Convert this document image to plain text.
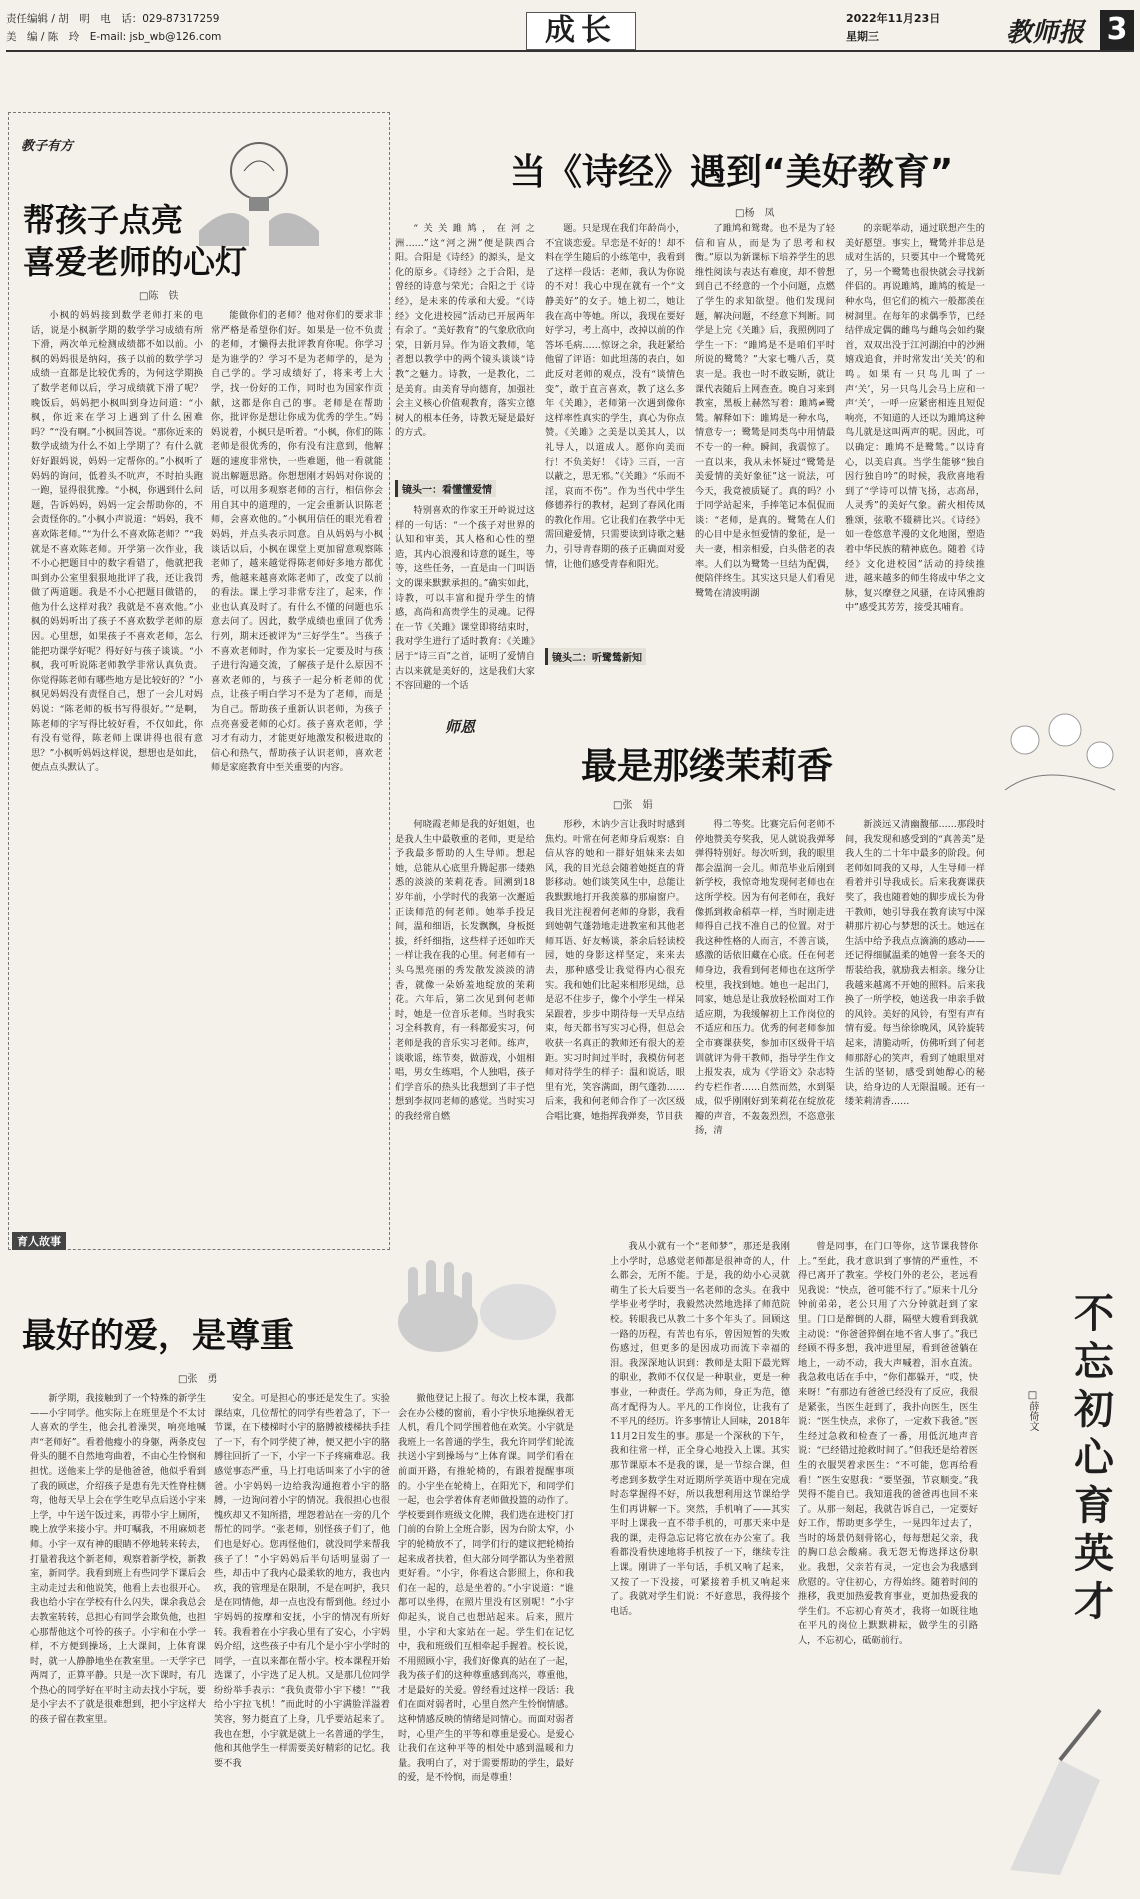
责任编辑 / 胡　明　电　话：029-87317259
美　编 / 陈　玲　E-mail: jsb_wb@126.com	成长	2022年11月23日
星期三	教师报 3
教子有方
帮孩子点亮
喜爱老师的心灯
□陈　铁

小枫的妈妈接到数学老师打来的电话，说是小枫新学期的数学学习成绩有所下滑，两次单元检测成绩都不如以前。小枫的妈妈很是纳闷，孩子以前的数学学习成绩一直都是比较优秀的，为何这学期换了数学老师以后，学习成绩就下滑了呢？晚饭后，妈妈把小枫叫到身边问道：“小枫，你近来在学习上遇到了什么困难吗？”“没有啊。”小枫回答说。“那你近来的数学成绩为什么不如上学期了？有什么就好好跟妈说，妈妈一定帮你的。”小枫听了妈妈的询问，低着头不吭声，不时拍头跑一跑，显得很犹豫。“小枫，你遇到什么问题，告诉妈妈，妈妈一定会帮助你的，不会责怪你的。”小枫小声说道：“妈妈，我不喜欢陈老师。”“为什么不喜欢陈老师？”“我就是不喜欢陈老师。开学第一次作业，我不小心把题目中的数字看错了，他就把我叫到办公室里狠狠地批评了我，还让我罚做了两道题。我是不小心把题目做错的，他为什么这样对我？我就是不喜欢他。”小枫的妈妈听出了孩子不喜欢数学老师的原因。心里想，如果孩子不喜欢老师，怎么能把功课学好呢？得好好与孩子谈谈。“小枫，我可听说陈老师教学非常认真负责。你觉得陈老师有哪些地方是比较好的？”小枫见妈妈没有责怪自己，想了一会儿对妈妈说：“陈老师的板书写得很好。”“是啊，陈老师的字写得比较好看，不仅如此，你有没有觉得，陈老师上课讲得也很有意思？”小枫听妈妈这样说，想想也是如此，便点点头默认了。

能做你们的老师？他对你们的要求非常严格是希望你们好。如果是一位不负责的老师，才懒得去批评教育你呢。你学习是为谁学的？学习不是为老师学的，是为自己学的。学习成绩好了，将来考上大学，找一份好的工作，同时也为国家作贡献，这都是你自己的事。老师是在帮助你，批评你是想让你成为优秀的学生。”妈妈说着，小枫只是听着。“小枫，你们的陈老师是很优秀的，你有没有注意到，他解题的速度非常快，一些难题，他一看就能说出解题思路。你想想刚才妈妈对你说的话，可以用多观察老师的言行，相信你会用自其中的道理的，一定会重新认识陈老师，会喜欢他的。”小枫用信任的眼光看着妈妈，并点头表示同意。自从妈妈与小枫谈话以后，小枫在课堂上更加留意观察陈老师了，越来越觉得陈老师好多地方都优秀，他越来越喜欢陈老师了，改变了以前的看法。课上学习非常专注了，起来，作业也认真及时了。有什么不懂的问题也乐意去问了。因此，数学成绩也重回了优秀行列，期末还被评为“三好学生”。当孩子不喜欢老师时，作为家长一定要及时与孩子进行沟通交流，了解孩子是什么原因不喜欢老师的，与孩子一起分析老师的优点，让孩子明白学习不是为了老师，而是为自己。帮助孩子重新认识老师，为孩子点亮喜爱老师的心灯。孩子喜欢老师，学习才有动力，才能更好地激发积极进取的信心和热气，帮助孩子认识老师，喜欢老师是家庭教育中至关重要的内容。

当《诗经》遇到“美好教育”
□杨　凤

“关关雎鸠，在河之洲……”这“河之洲”便是陕西合阳。合阳是《诗经》的源头，是文化的原乡。《诗经》之于合阳，是曾经的诗意与荣光；合阳之于《诗经》，是未来的传承和大爱。“《诗经》文化进校园”活动已开展两年有余了。“美好教育”的气象欣欣向荣，日新月异。作为语文教师，笔者想以教学中的两个镜头谈谈“诗教”之魅力。诗教，一是教化，二是美育。由美育导向德育，加强社会主义核心价值观教育，落实立德树人的根本任务，诗教无疑是最好的方式。

镜头一：看懂懂爱情

特别喜欢的作家王开岭说过这样的一句话：“一个孩子对世界的认知和审美，其人格和心性的塑造，其内心浪漫和诗意的诞生，等等，这些任务，一直是由一门叫语文的课来默默承担的。”确实如此，诗教，可以丰富和提升学生的情感，高尚和高贵学生的灵魂。记得在一节《关雎》课堂即将结束时，我对学生进行了适时教育：《关雎》居于“诗三百”之首，证明了爱情自古以来就是美好的，这是我们大家不容回避的一个话

题。只是现在我们年龄尚小，不宜谈恋爱。早恋是不好的！却不料在学生随后的小练笔中，我看到了这样一段话：老师，我认为你说的不对！我心中现在就有一个“文静美好”的女子。她上初二，她让我在高中等她。所以，我现在要好好学习，考上高中，改掉以前的作答坏毛病……惊讶之余，我赶紧给他留了评语：如此坦荡的表白，如此反对老师的观点，没有“谈情色变”，敢于直言喜欢，教了这么多年《关雎》，老师第一次遇到像你这样率性真实的学生，真心为你点赞。《关雎》之美是以美其人，以礼导人，以道成人。愿你向美而行！不负美好！《诗》三百，一言以蔽之，思无邪。”《关雎》“乐而不淫，哀而不伤”。作为当代中学生修德养行的教材，起到了春风化雨的教化作用。它让我们在教学中无需回避爱情，只需要读到诗歌之魅力，引导青春期的孩子正确面对爱情，让他们感受青春和阳光。

镜头二：听鹭鸶新知

了雎鸠和鸳鸯。也不是为了轻信和盲从，而是为了思考和权衡。”原以为新课标下培养学生的思维性阅读与表达有难度，却不曾想到自己不经意的一个小问题，点燃了学生的求知欲望。他们发现问题，解决问题，不经意下判断。同学是上完《关雎》后，我照例同了学生一下：“雎鸠是不是咱们平时所说的鹭鸶？”大家七嘴八舌，莫衷一是。我也一时不敢妄断，就让课代表随后上网查查。晚自习来到教室，黑板上赫然写着：雎鸠≠鹭鸶。解释如下：雎鸠是一种水鸟，情意专一；鹭鸶是同类鸟中用情最不专一的一种。瞬间，我震惊了。一直以来，我从未怀疑过“鹭鸶是美爱情的美好象征”这一说法，可今天，我竟被质疑了。真的吗？小于同学站起来，手捧笔记本侃侃而谈：“老师，是真的。鹭鸶在人们的心目中是永恒爱情的象征，是一夫一妻，相亲相爱，白头偕老的表率。人们以为鹭鸶一旦结为配偶，便陪伴终生。其实这只是人们看见鹭鸶在清波明湖

的亲昵举动，通过联想产生的美好愿望。事实上，鹭鸶并非总是成对生活的，只要其中一个鹭鸶死了，另一个鹭鸶也很快就会寻找新伴侣的。再说雎鸠，雎鸠的梳是一种水鸟，但它们的梳六一般都羡在树洞里。在每年的求偶季节，已经结伴成定偶的雌鸟与雌鸟会如约聚首，双双出没于江河湖泊中的沙洲嬉戏追食，并时常发出‘关关’的和鸣。如果有一只鸟儿叫了一声‘关’，另一只鸟儿会马上应和一声‘关’，一呼一应紧密相连且短促响亮，不知道的人还以为雎鸠这种鸟儿就是这叫两声的呢。因此，可以确定：雎鸠不是鹭鸶。”以诗育心，以美启真。当学生能够“独自因行独自吟”的时候，我欣喜地看到了“学诗可以情飞扬，志高昂，人灵秀”的美好气象。薪火相传凤雅颂，弦歌不辍耕比兴。《诗经》如一卷悠意芊漫的文化地图，塑造着中华民族的精神底色。随着《诗经》文化进校园”活动的持续推进，越来越多的师生将成中华之文脉，复兴摩登之风骚，在诗风雅韵中”感受其芳芳，接受其哺育。

师恩
最是那缕茉莉香
□张　娟

何晓霞老师是我的好姐姐，也是我人生中最敬重的老师，更是给予我最多帮助的人生导师。想起她，总能从心底里升腾起那一缕熟悉的淡淡的茉莉花香。回溯到18岁年前，小学时代的我第一次邂逅正读师范的何老师。她举手投足间，温和细语，长发飘飘，身板挺拔，纤纤细指，这些样子还如昨天一样让我在我的心里。何老师有一头乌黑亮丽的秀发散发淡淡的清香，就像一朵娇羞地绽放的茉莉花。六年后，第二次见到何老师时，她是一位音乐老师。当时我实习全科教育，有一科都爱实习，何老师是我的音乐实习老师。练声，谈歌谣，练节奏，做游戏，小姐相唱，男女生练唱，个人独唱，孩子们学音乐的热头比我想到了丰子恺想到李叔同老师的感觉。当时实习的我经常自燃

形秒，木讷少言让我时时感到焦灼。叶常在何老师身后观察：自信从容的她和一群好姐妹来去如风，我的目光总会随着她挺直的背影移动。她们谈笑风生中，总能让我默默地打开我羡慕的那扇窗户。我目光注视着何老师的身影，我看到她朝气蓬勃地走进教室和其他老师耳语、好友畅谈，茶余后轻读校园，她的身影这样坚定，来来去去，那种感受让我觉得内心很充实。我和她们比起来相形见绌，总是忍不住步子，像个小学生一样呆呆跟着，步步中期待每一天早点结束，每天都书写实习心得，但总会收获一名真正的教师还有很大的差距。实习时间过半时，我模仿何老师对待学生的样子：温和说话，眼里有光，笑容满面，朗气蓬勃……后来，我和何老师合作了一次区级合唱比赛，她指挥我弹奏，节目获

得二等奖。比赛完后何老师不停地赞美夸奖我，见人就说我弹琴弹得特别好。每次听到，我的眼里都会温润一会儿。师范毕业后刚到新学校，我惊奇地发现何老师也在这所学校。因为有何老师在，我好像抓到救命稻草一样，当时刚走进师得自己找不准自己的位置。对于我这种性格的人而言，不善言谈，感激的话依旧藏在心底。任在何老师身边，我看到何老师也在这所学校里，我找到她。她也一起出门，同家，她总是让我放轻松面对工作适应期，为我缓解初上工作岗位的不适应和压力。优秀的何老师参加全市赛课获奖，参加市区级骨干培训就评为骨干教师，指导学生作文上报发表，成为《学语文》杂志特约专栏作者……自然而然，水到渠成，似乎刚刚好到茉莉花在绽放花瓣的声音，不轰轰烈烈，不恣意张扬，清

新淡远又清幽馥郁……那段时间，我发现和感受到的“真善美”是我人生的二十年中最多的阶段。何老师如同我的又母，人生导师一样看着并引导我成长。后来我赛课获奖了，我也随着她的脚步成长为骨干教师，她引导我在教育读写中深耕那片初心与梦想的沃土。她远在生活中给予我点点滴滴的感动——还记得细腻温柔的她曾一套冬天的帮装给我，就励我去相亲。缘分让我越来越离不开她的照料。后来我换了一所学校，她送我一串亲手做的风铃。美好的风铃，有型有声有情有爱。每当徐徐晚风，风铃旋转起来，清脆动听，仿佛听到了何老师那舒心的笑声，看到了她眼里对生活的坚韧，感受到她醇心的秘诀，给身边的人无限温暖。还有一缕茉莉清香……

育人故事
最好的爱，是尊重
□张　勇

新学期，我接触到了一个特殊的新学生——小宇同学。他实际上在班里是个不太讨人喜欢的学生，他会扎着澡哭，响亮地喊声“老师好”。看着他瘦小的身躯，两条皮包骨头的腿不自然地弯曲着，不由心生怜悯和担忧。送他来上学的是他爸爸，他似乎看到了我的顾虑，介绍孩子是患有先天性脊柱侧弯，他每天早上会在学生吃早点后送小宇来上学，中午送午饭过来，再带小宇上厕所，晚上放学来接小宇。并叮嘱我，不用麻烦老师。小宇一双有神的眼睛不停地转来转去，打量着我这个新老师，观察着新学校，新教室，新同学。我看到班上有些同学下课后会主动走过去和他说笑，他看上去也很开心。我也给小宇在学校有什么闪失，课余我总会去教室转转，总担心有同学会欺负他，也担心那帮他这个可怜的孩子。小宇和在小学一样，不方便到操场，上大课间，上体育课时，就一人静静地坐在教室里。一天学字已两周了，正算平静。只是一次下课时，有几个热心的同学好在平时主动去找小宇玩，要是小宇去不了就是很难想到，把小宇这样大的孩子留在教室里。

安全。可是担心的事还是发生了。实验课结束，几位帮忙的同学有些着急了，下一节课，在下楼梯时小宇的胳膊被楼梯扶手挂了一下，有个同学使了神，便又把小宇的胳膊往回折了一下，小宇一下子疼痛难忍。我感觉事态严重，马上打电话叫来了小宇的爸爸。小宇妈妈一边给我沟通抱着小宇的胳膊，一边询问着小宇的情况。我很担心也很愧疚却又不知所措，埋怨着站在一旁的几个帮忙的同学。“张老师，别怪孩子们了，他们也是好心。您再怪他们，就没同学来帮我孩子了！”小宇妈妈后半句话明显弱了一些，却击中了我内心最柔软的地方，我也内疚，我的管理是在限制，不是在呵护，我只是在同情他，却一点也没有帮到他。经过小宇妈妈的按摩和安抚，小宇的情况有所好转。我看着在小宇我心里有了安心，小宇妈妈介绍，这些孩子中有几个是小宇小学时的同学，一直以来都在帮小宇。校本课程开始选课了，小宇选了足人机。又是那几位同学纷纷举手表示：“我负责带小宇下楼！”“我给小宇拉飞机！”而此时的小宇满脸洋溢着笑容，努力挺直了上身，几乎要站起来了。我也在想，小宇就是就上一名普通的学生，他和其他学生一样需要美好精彩的记忆。我要不我

撤他登记上报了。每次上校本课，我都会在办公楼的窗前，看小宇快乐地操纵着无人机，看几个同学围着他在欢笑。小宇就是我班上一名普通的学生，我允许同学们轮流扶送小宇到操场与“上体育课。同学们看在前面开路，有推轮椅的，有跟着提醒事项的。小宇坐在轮椅上，在阳光下，和同学们一起，也会学着体育老师做投篮的动作了。学校要到作班级文化牌，我们选在进校门打门前的台阶上全班合影，因为台阶太窄，小宇的轮椅放不了，同学们行的建议把轮椅抬起来成者扶着，但大部分同学都认为坐着照更好看。“小宇，你看这合影照上，你和我们在一起的，总是坐着的。”小宇说道：“谁都可以坐得，在照片里没有区别呢！”小宇仰起头，说自己也想站起来。后来，照片里，小宇和大家站在一起。学生们在记忆中，我和班级们互相牵起手握着。校长说，不用照顾小宇，我们好像真的站在了一起，我为孩子们的这种尊重感到高兴，尊重他，才是最好的关爱。曾经看过这样一段话：我们在面对弱者时，心里自然产生怜悯情感。这种情感反映的情绪是同情心。而面对弱者时，心里产生的平等和尊重是爱心。是爱心让我们在这种平等的相处中感到温暖和力量。我明白了，对于需要帮助的学生，最好的爱，是不怜悯，而是尊重！

我从小就有一个“老师梦”，那还是我刚上小学时，总感觉老师都是很神奇的人，什么都会，无所不能。于是，我的幼小心灵就萌生了长大后要当一名老师的念头。在我中学毕业考学时，我毅然决然地选择了师范院校。转眼我已从教二十多个年头了。回顾这一路的历程，有苦也有乐，曾因短暂的失败伤感过，但更多的是因成功而流下幸福的泪。我深深地认识到：教师是太阳下最光辉的职业，教师不仅仅是一种职业，更是一种事业，一种责任。学高为师，身正为范，德高才配得为人。平凡的工作岗位，让我有了不平凡的经历。许多事情让人回味，2018年11月2日发生的事。那是一个深秋的下午，我和往常一样，正全身心地投入上课。其实那节课原本不是我的课，是一节综合课，但考虑到多数学生对近期所学英语中现在完成时态掌握得不好，所以我想利用这节课给学生们再讲解一下。突然，手机响了——其实平时上课我一直不带手机的，可那天来中是我的课，走得急忘记将它放在办公室了。我看都没看快速地将手机按了一下，继续专注上课。刚讲了一半句话，手机又响了起来，又按了一下没接，可紧接着手机又响起来了。我就对学生们说：不好意思，我得接个电话。

曾是同事，在门口等你，这节课我替你上。”至此，我才意识到了事情的严重性，不得已离开了教室。学校门外的老公，老远看见我说：“快点，爸可能不行了。”原来十几分钟前弟弟，老公只用了六分钟就赶到了家里。门口是醉倒的人群，隔壁大嫂看到我就主动说：“你爸爸猝倒在地不省人事了。”我已经顾不得多想，我冲进里屋，看到爸爸躺在地上，一动不动，我大声喊着，泪水直流。我急救电话在手中，“你们都躲开，“哎，快来呀！”有那边有爸爸已经没有了反应，我很是紧张，当医生赶到了，我扑向医生，医生说：“医生快点，求你了，一定救下我爸。”医生经过急救和检查了一番，用低沉地声音说：“已经错过抢救时间了。”但我还是给着医生的衣服哭着求医生：“不可能，您再给看看！”医生安慰我：“要坚强，节哀顺变。”我哭得不能自已。我知道我的爸爸再也回不来了。从那一刻起，我就告诉自己，一定要好好工作，帮助更多学生，一晃四年过去了，当时的场景仍刻骨铭心，每每想起父亲，我的胸口总会酸痛。我无怨无悔选择这份职业。我想，父亲若有灵，一定也会为我感到欣慰的。守住初心，方得始终。随着时间的推移，我更加热爱教育事业，更加热爱我的学生们。不忘初心育英才，我将一如既往地在平凡的岗位上默默耕耘，做学生的引路人，不忘初心，砥砺前行。

不忘初心育英才
□薛倚文
